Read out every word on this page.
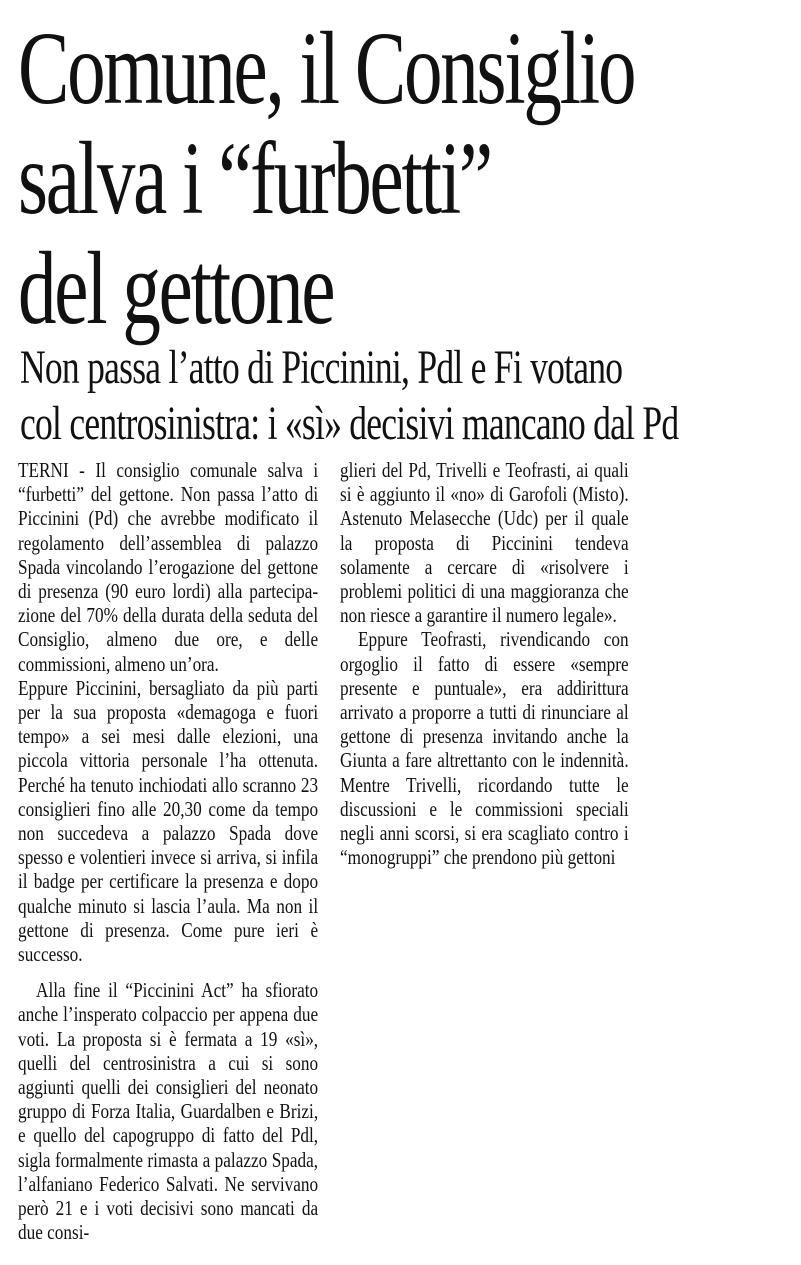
Comune, il Consiglio
salva i “furbetti”
del gettone
Non passa l’atto di Piccinini, Pdl e Fi votano
col centrosinistra: i «sì» decisivi mancano dal Pd

TERNI - Il consiglio comunale salva i “furbetti” del gettone. Non passa l’atto di Piccinini (Pd) che avrebbe modificato il regolamento dell’assemblea di palazzo Spada vincolando l’erogazione del gettone di presenza (90 euro lordi) alla partecipazione del 70% della durata della seduta del Consiglio, almeno due ore, e delle commissioni, almeno un’ora.

Eppure Piccinini, bersagliato da più parti per la sua proposta «demagoga e fuori tempo» a sei mesi dalle elezioni, una piccola vittoria personale l’ha ottenuta. Perché ha tenuto inchiodati allo scranno 23 consiglieri fino alle 20,30 come da tempo non succedeva a palazzo Spada dove spesso e volentieri invece si arriva, si infila il badge per certificare la presenza e dopo qualche minuto si lascia l’aula. Ma non il gettone di presenza. Come pure ieri è successo.

Alla fine il “Piccinini Act” ha sfiorato anche l’insperato colpaccio per appena due voti. La proposta si è fermata a 19 «sì», quelli del centrosinistra a cui si sono aggiunti quelli dei consiglieri del neonato gruppo di Forza Italia, Guardalben e Brizi, e quello del capogruppo di fatto del Pdl, sigla formalmente rimasta a palazzo Spada, l’alfaniano Federico Salvati. Ne servivano però 21 e i voti decisivi sono mancati da due consi-

glieri del Pd, Trivelli e Teofrasti, ai quali si è aggiunto il «no» di Garofoli (Misto). Astenuto Melasecche (Udc) per il quale la proposta di Piccinini tendeva solamente a cercare di «risolvere i problemi politici di una maggioranza che non riesce a garantire il numero legale».

Eppure Teofrasti, rivendicando con orgoglio il fatto di essere «sempre presente e puntuale», era addirittura arrivato a proporre a tutti di rinunciare al gettone di presenza invitando anche la Giunta a fare altrettanto con le indennità. Mentre Trivelli, ricordando tutte le discussioni e le commissioni speciali negli anni scorsi, si era scagliato contro i “monogruppi” che prendono più gettoni
